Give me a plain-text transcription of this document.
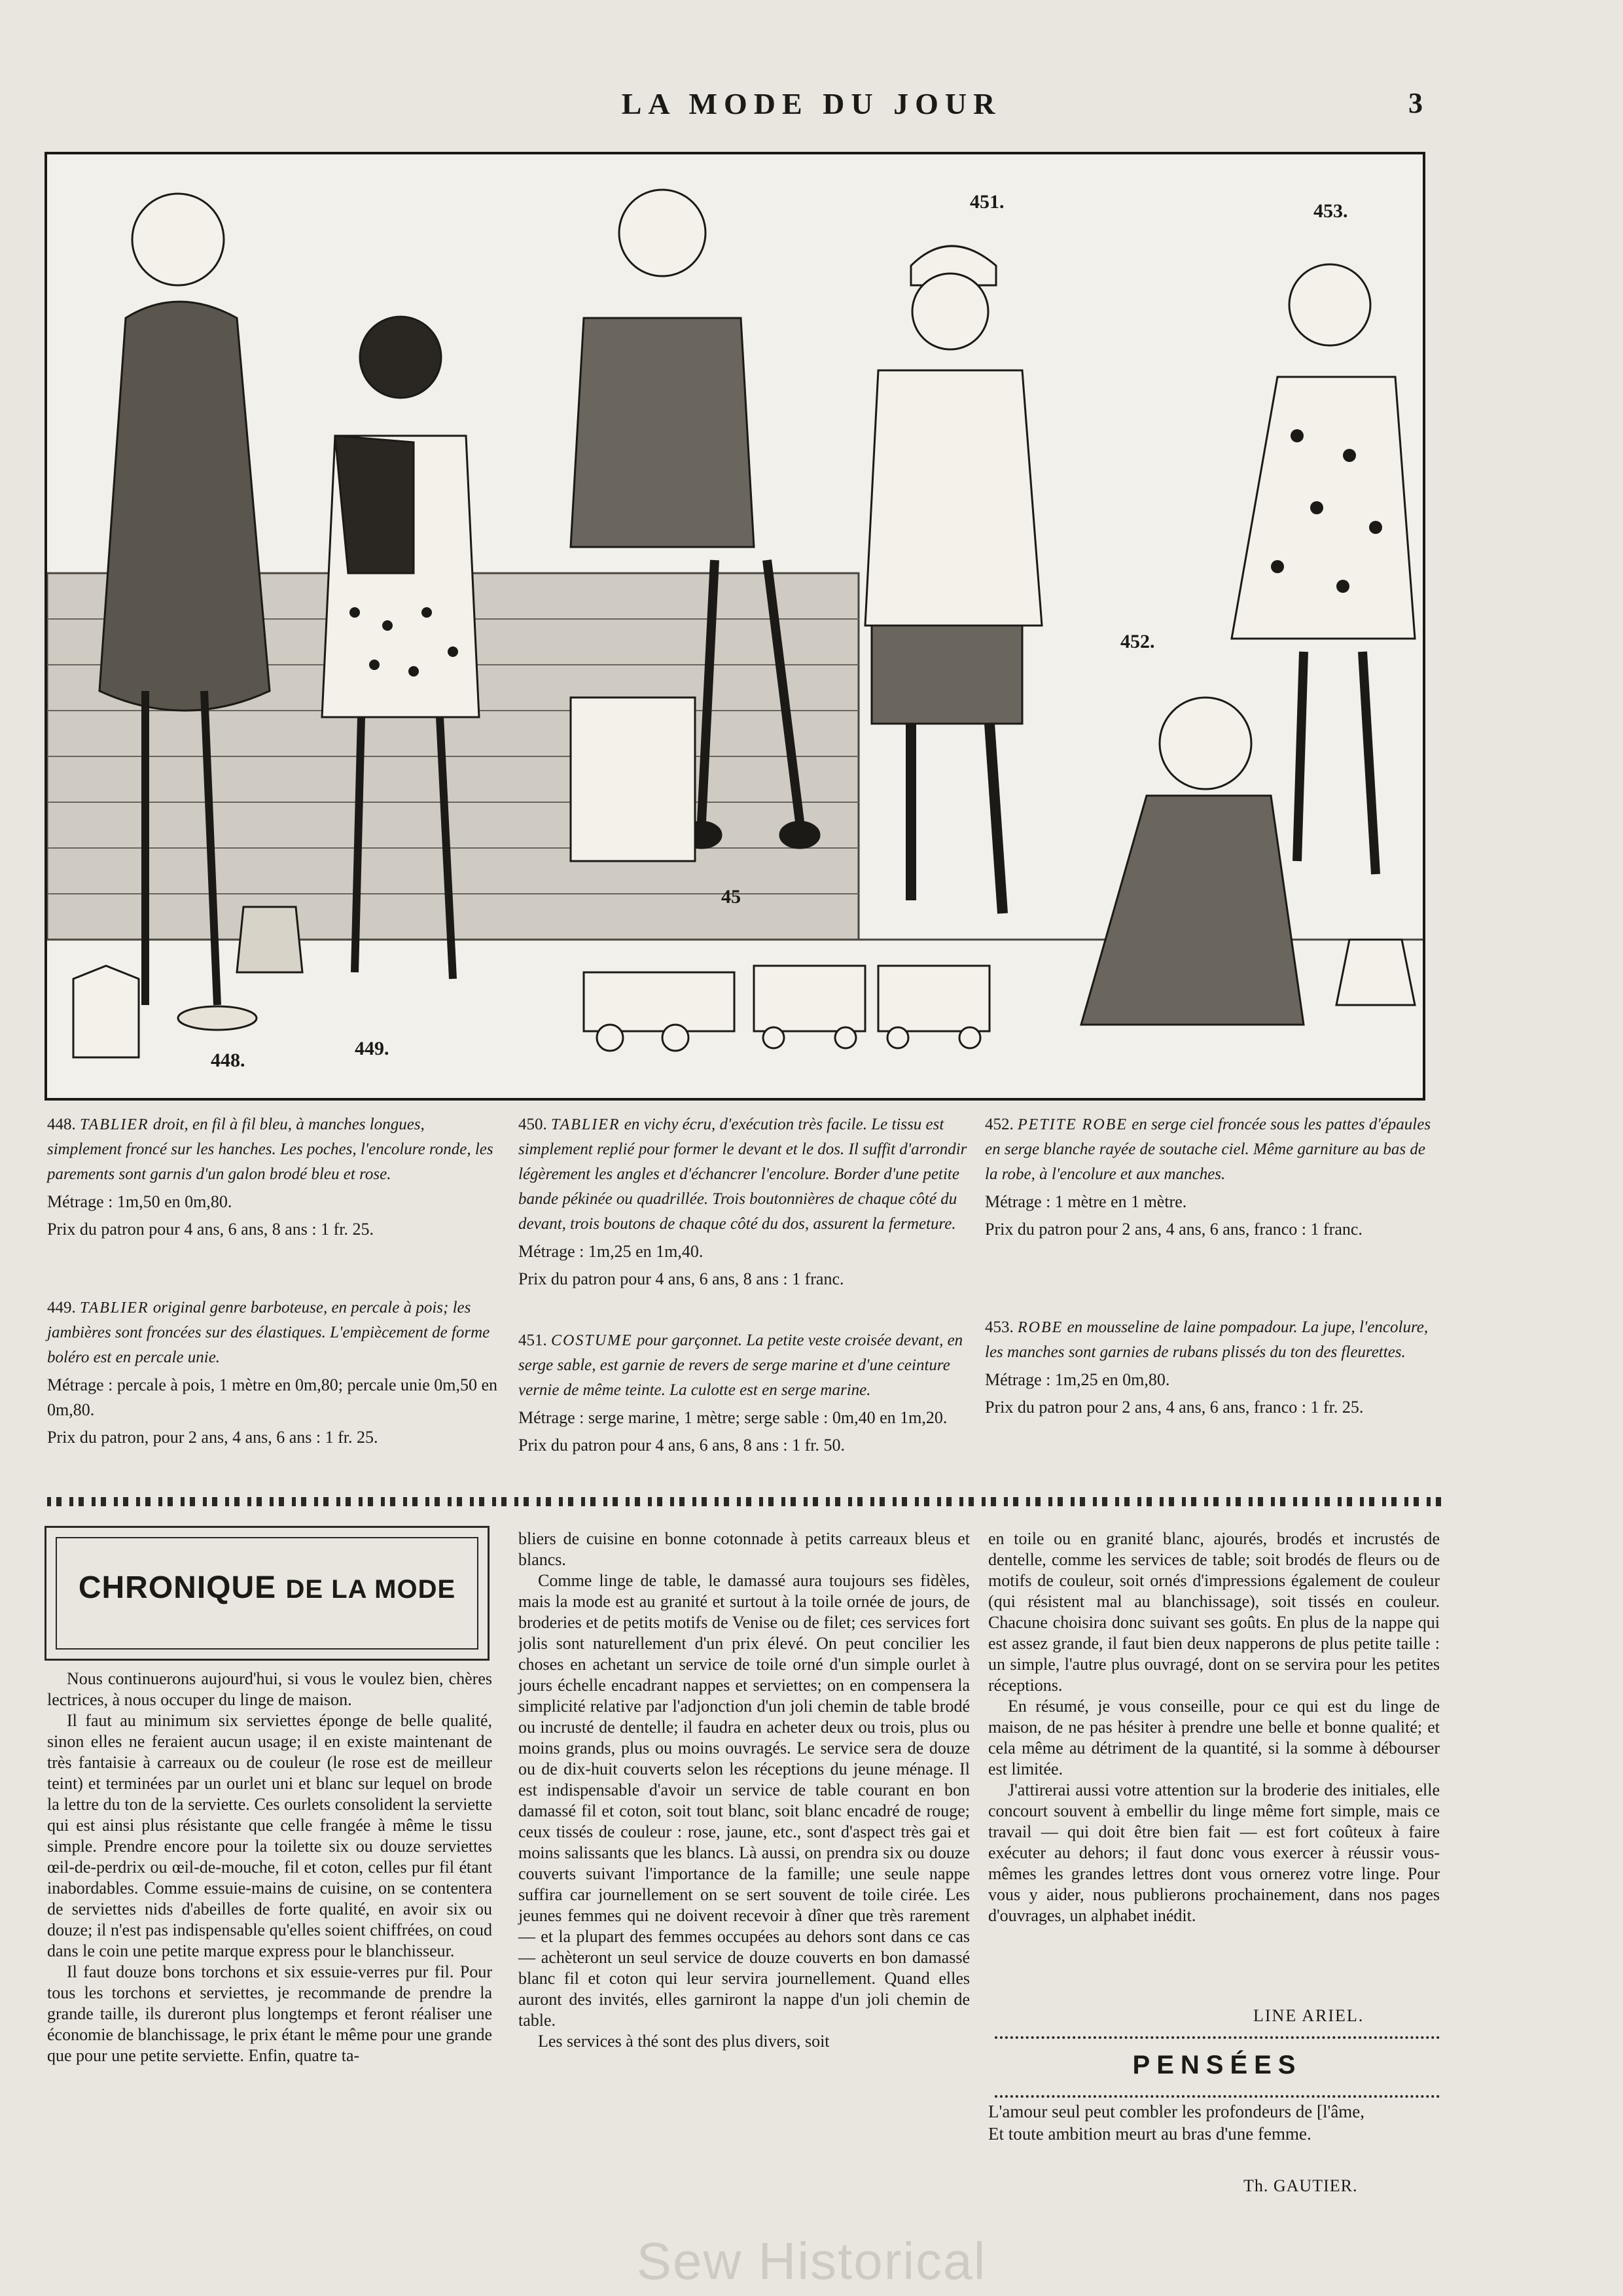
LA MODE DU JOUR	3
448.
449.
45
451.
452.
453.

448. TABLIER droit, en fil à fil bleu, à manches longues, simplement froncé sur les hanches. Les poches, l'encolure ronde, les parements sont garnis d'un galon brodé bleu et rose.

Métrage : 1m,50 en 0m,80.

Prix du patron pour 4 ans, 6 ans, 8 ans : 1 fr. 25.

449. TABLIER original genre barboteuse, en percale à pois; les jambières sont froncées sur des élastiques. L'empiècement de forme boléro est en percale unie.

Métrage : percale à pois, 1 mètre en 0m,80; percale unie 0m,50 en 0m,80.

Prix du patron, pour 2 ans, 4 ans, 6 ans : 1 fr. 25.

450. TABLIER en vichy écru, d'exécution très facile. Le tissu est simplement replié pour former le devant et le dos. Il suffit d'arrondir légèrement les angles et d'échancrer l'encolure. Border d'une petite bande pékinée ou quadrillée. Trois boutonnières de chaque côté du devant, trois boutons de chaque côté du dos, assurent la fermeture.

Métrage : 1m,25 en 1m,40.

Prix du patron pour 4 ans, 6 ans, 8 ans : 1 franc.

451. COSTUME pour garçonnet. La petite veste croisée devant, en serge sable, est garnie de revers de serge marine et d'une ceinture vernie de même teinte. La culotte est en serge marine.

Métrage : serge marine, 1 mètre; serge sable : 0m,40 en 1m,20.

Prix du patron pour 4 ans, 6 ans, 8 ans : 1 fr. 50.

452. PETITE ROBE en serge ciel froncée sous les pattes d'épaules en serge blanche rayée de soutache ciel. Même garniture au bas de la robe, à l'encolure et aux manches.

Métrage : 1 mètre en 1 mètre.

Prix du patron pour 2 ans, 4 ans, 6 ans, franco : 1 franc.

453. ROBE en mousseline de laine pompadour. La jupe, l'encolure, les manches sont garnies de rubans plissés du ton des fleurettes.

Métrage : 1m,25 en 0m,80.

Prix du patron pour 2 ans, 4 ans, 6 ans, franco : 1 fr. 25.

CHRONIQUE DE LA MODE

Nous continuerons aujourd'hui, si vous le voulez bien, chères lectrices, à nous occuper du linge de maison.

Il faut au minimum six serviettes éponge de belle qualité, sinon elles ne feraient aucun usage; il en existe maintenant de très fantaisie à carreaux ou de couleur (le rose est de meilleur teint) et terminées par un ourlet uni et blanc sur lequel on brode la lettre du ton de la serviette. Ces ourlets consolident la serviette qui est ainsi plus résistante que celle frangée à même le tissu simple. Prendre encore pour la toilette six ou douze serviettes œil-de-perdrix ou œil-de-mouche, fil et coton, celles pur fil étant inabordables. Comme essuie-mains de cuisine, on se contentera de serviettes nids d'abeilles de forte qualité, en avoir six ou douze; il n'est pas indispensable qu'elles soient chiffrées, on coud dans le coin une petite marque express pour le blanchisseur.

Il faut douze bons torchons et six essuie-verres pur fil. Pour tous les torchons et serviettes, je recommande de prendre la grande taille, ils dureront plus longtemps et feront réaliser une économie de blanchissage, le prix étant le même pour une grande que pour une petite serviette. Enfin, quatre ta-

bliers de cuisine en bonne cotonnade à petits carreaux bleus et blancs.

Comme linge de table, le damassé aura toujours ses fidèles, mais la mode est au granité et surtout à la toile ornée de jours, de broderies et de petits motifs de Venise ou de filet; ces services fort jolis sont naturellement d'un prix élevé. On peut concilier les choses en achetant un service de toile orné d'un simple ourlet à jours échelle encadrant nappes et serviettes; on en compensera la simplicité relative par l'adjonction d'un joli chemin de table brodé ou incrusté de dentelle; il faudra en acheter deux ou trois, plus ou moins grands, plus ou moins ouvragés. Le service sera de douze ou de dix-huit couverts selon les réceptions du jeune ménage. Il est indispensable d'avoir un service de table courant en bon damassé fil et coton, soit tout blanc, soit blanc encadré de rouge; ceux tissés de couleur : rose, jaune, etc., sont d'aspect très gai et moins salissants que les blancs. Là aussi, on prendra six ou douze couverts suivant l'importance de la famille; une seule nappe suffira car journellement on se sert souvent de toile cirée. Les jeunes femmes qui ne doivent recevoir à dîner que très rarement — et la plupart des femmes occupées au dehors sont dans ce cas — achèteront un seul service de douze couverts en bon damassé blanc fil et coton qui leur servira journellement. Quand elles auront des invités, elles garniront la nappe d'un joli chemin de table.

Les services à thé sont des plus divers, soit

en toile ou en granité blanc, ajourés, brodés et incrustés de dentelle, comme les services de table; soit brodés de fleurs ou de motifs de couleur, soit ornés d'impressions également de couleur (qui résistent mal au blanchissage), soit tissés en couleur. Chacune choisira donc suivant ses goûts. En plus de la nappe qui est assez grande, il faut bien deux napperons de plus petite taille : un simple, l'autre plus ouvragé, dont on se servira pour les petites réceptions.

En résumé, je vous conseille, pour ce qui est du linge de maison, de ne pas hésiter à prendre une belle et bonne qualité; et cela même au détriment de la quantité, si la somme à débourser est limitée.

J'attirerai aussi votre attention sur la broderie des initiales, elle concourt souvent à embellir du linge même fort simple, mais ce travail — qui doit être bien fait — est fort coûteux à faire exécuter au dehors; il faut donc vous exercer à réussir vous-mêmes les grandes lettres dont vous ornerez votre linge. Pour vous y aider, nous publierons prochainement, dans nos pages d'ouvrages, un alphabet inédit.

LINE ARIEL.
PENSÉES

L'amour seul peut combler les profondeurs de [l'âme,

Et toute ambition meurt au bras d'une femme.

Th. GAUTIER.
Sew Historical
